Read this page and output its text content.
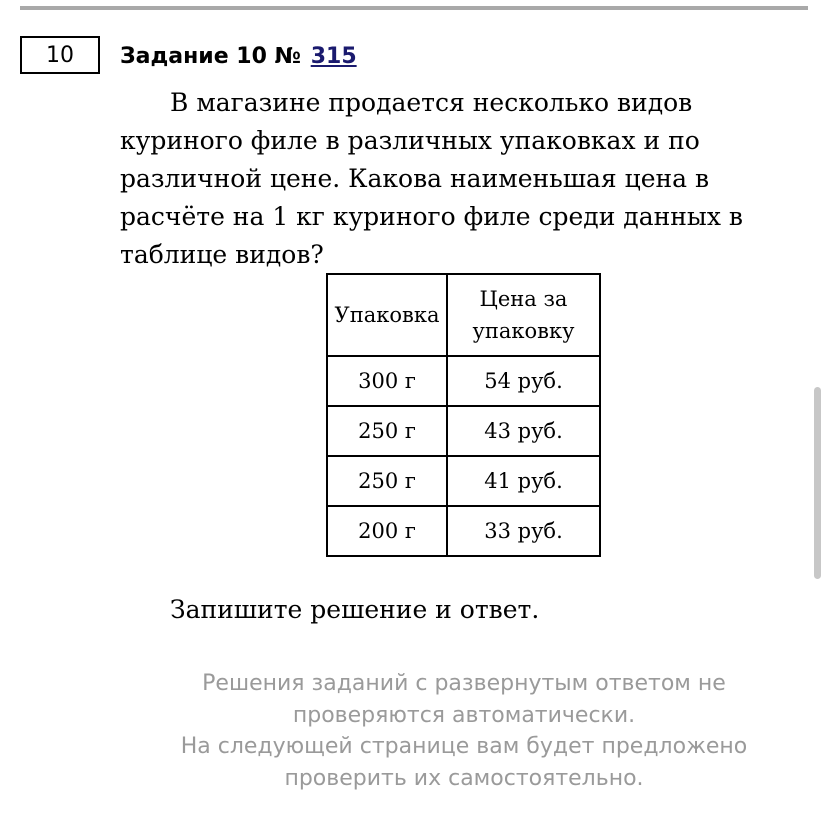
10 Задание 10 № 315

В магазине продается несколько видов куриного филе в различных упаковках и по различной цене. Какова наименьшая цена в расчёте на 1 кг куриного филе среди данных в таблице видов?

Упаковка	Цена за упаковку
300 г	54 руб.
250 г	43 руб.
250 г	41 руб.
200 г	33 руб.
Запишите решение и ответ.
Решения заданий с развернутым ответом не проверяются автоматически.
На следующей странице вам будет предложено проверить их самостоятельно.
